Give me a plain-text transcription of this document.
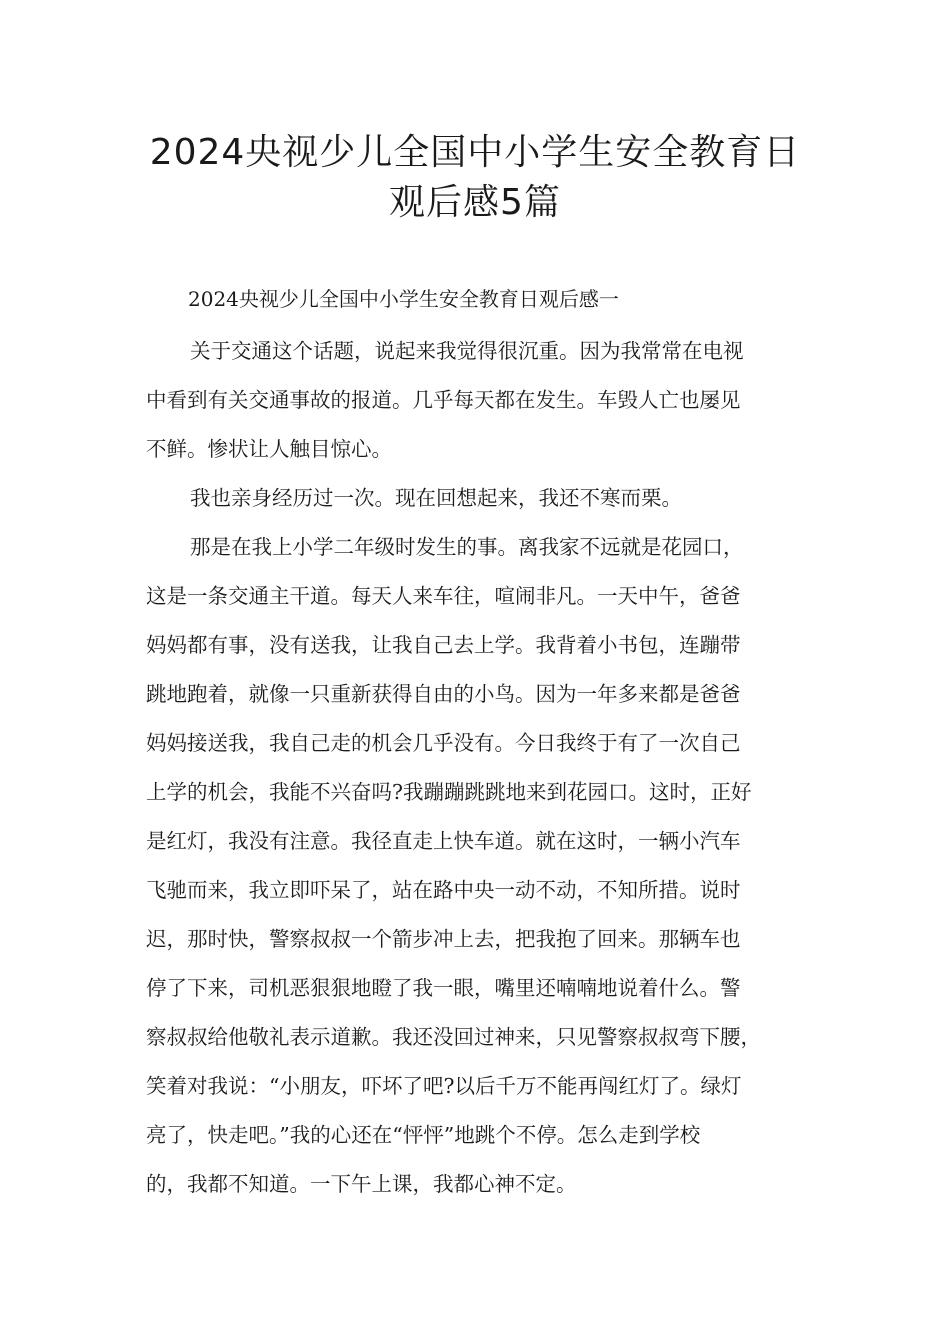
2024央视少儿全国中小学生安全教育日
观后感5篇

2024央视少儿全国中小学生安全教育日观后感一

关于交通这个话题，说起来我觉得很沉重。因为我常常在电视
中看到有关交通事故的报道。几乎每天都在发生。车毁人亡也屡见
不鲜。惨状让人触目惊心。
我也亲身经历过一次。现在回想起来，我还不寒而栗。
那是在我上小学二年级时发生的事。离我家不远就是花园口，
这是一条交通主干道。每天人来车往，喧闹非凡。一天中午，爸爸
妈妈都有事，没有送我，让我自己去上学。我背着小书包，连蹦带
跳地跑着，就像一只重新获得自由的小鸟。因为一年多来都是爸爸
妈妈接送我，我自己走的机会几乎没有。今日我终于有了一次自己
上学的机会，我能不兴奋吗?我蹦蹦跳跳地来到花园口。这时，正好
是红灯，我没有注意。我径直走上快车道。就在这时，一辆小汽车
飞驰而来，我立即吓呆了，站在路中央一动不动，不知所措。说时
迟，那时快，警察叔叔一个箭步冲上去，把我抱了回来。那辆车也
停了下来，司机恶狠狠地瞪了我一眼，嘴里还喃喃地说着什么。警
察叔叔给他敬礼表示道歉。我还没回过神来，只见警察叔叔弯下腰，
笑着对我说：“小朋友，吓坏了吧?以后千万不能再闯红灯了。绿灯
亮了，快走吧。”我的心还在“怦怦”地跳个不停。怎么走到学校
的，我都不知道。一下午上课，我都心神不定。
